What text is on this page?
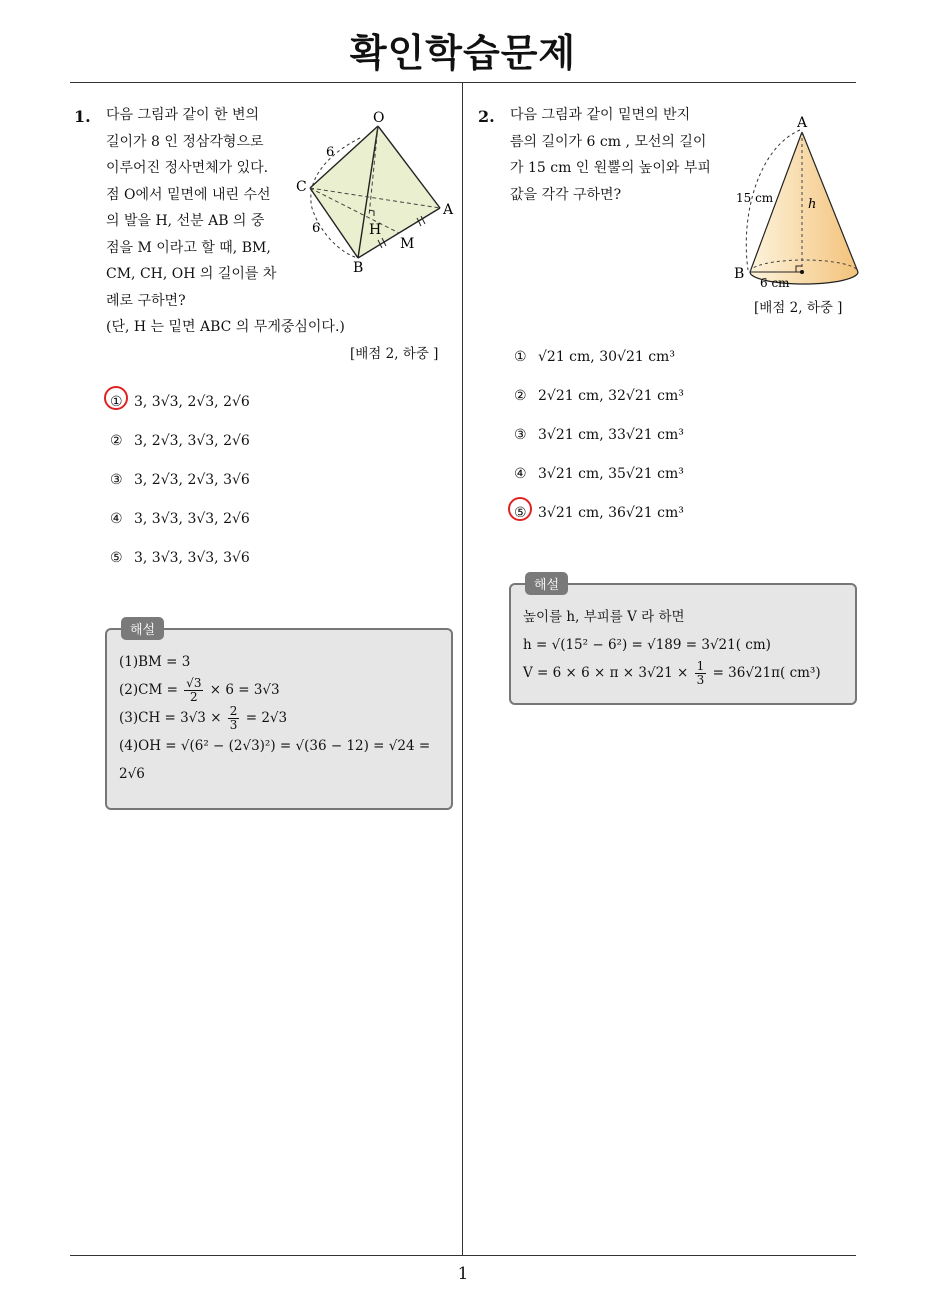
확인학습문제
1. 다음 그림과 같이 한 변의
길이가 8 인 정삼각형으로
이루어진 정사면체가 있다.
점 O에서 밑면에 내린 수선
의 발을 H, 선분 AB 의 중
점을 M 이라고 할 때, BM,
CM, CH, OH 의 길이를 차
례로 구하면?
(단, H 는 밑면 ABC 의 무게중심이다.)
O
A
B
C
H
M
6
6
[배점 2, 하중 ]
① 3, 3√3, 2√3, 2√6
② 3, 2√3, 3√3, 2√6
③ 3, 2√3, 2√3, 3√6
④ 3, 3√3, 3√3, 2√6
⑤ 3, 3√3, 3√3, 3√6
해설
(1)BM = 3
$(2)CM = \frac{√3}{2} \times 6 = 3√3$
$(3)CH = 3√3 \times \frac{2}{3} = 2√3$
(4)OH = √(6² − (2√3)²) = √(36 − 12) = √24 =
2√6
2. 다음 그림과 같이 밑면의 반지
름의 길이가 6 cm , 모선의 길이
가 15 cm 인 원뿔의 높이와 부피
값을 각각 구하면?
A
B
h
15 cm
6 cm
[배점 2, 하중 ]
① √21 cm, 30√21 cm³
② 2√21 cm, 32√21 cm³
③ 3√21 cm, 33√21 cm³
④ 3√21 cm, 35√21 cm³
⑤ 3√21 cm, 36√21 cm³
해설
높이를 h, 부피를 V 라 하면
h = √(15² − 6²) = √189 = 3√21( cm)
$V = 6 \times 6 \times \pi \times 3√21 \times \frac{1}{3} = 36√21\pi$( cm³)
1
